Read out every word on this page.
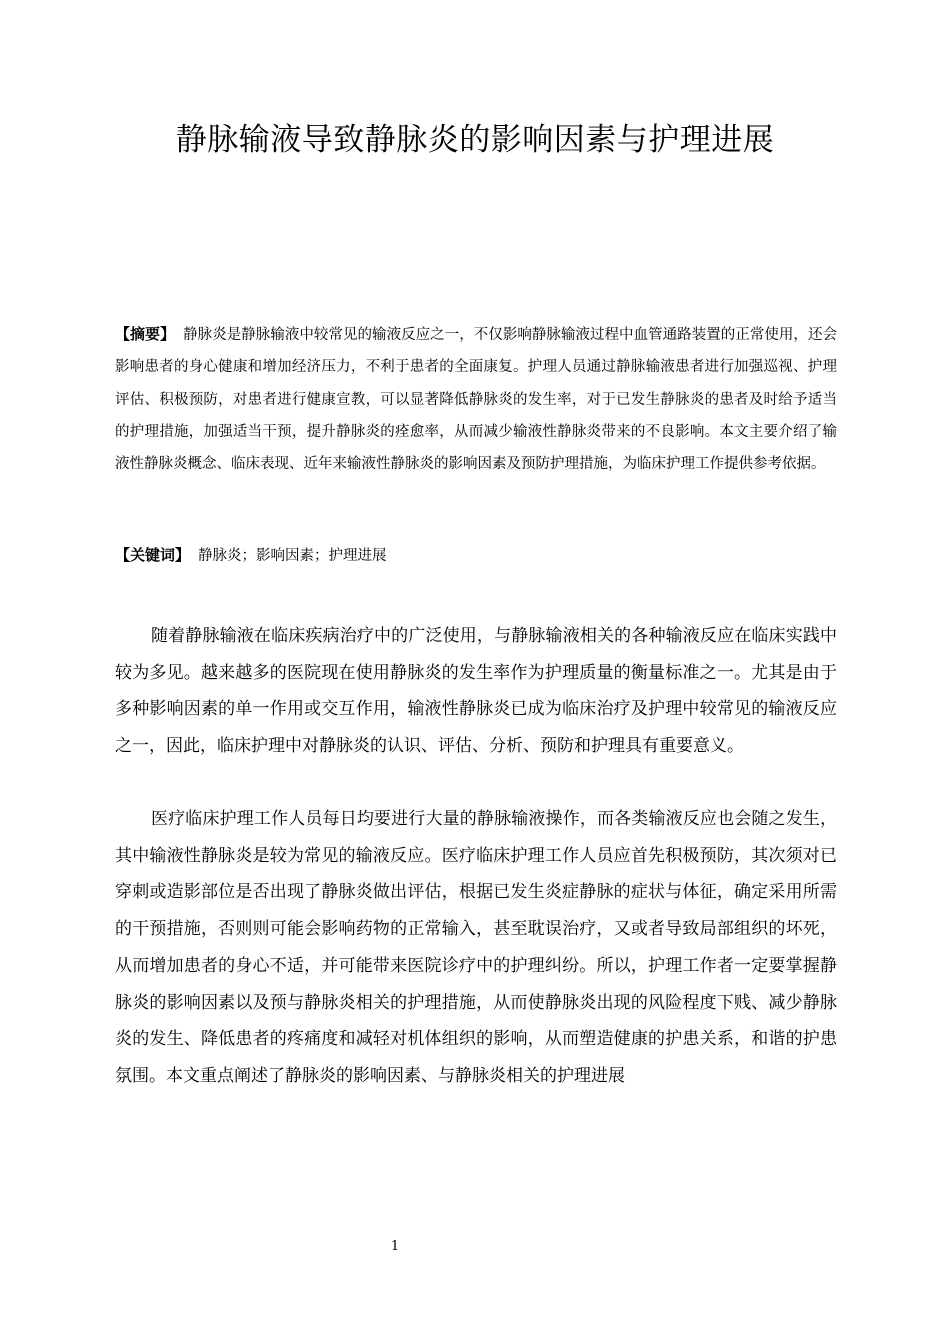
静脉输液导致静脉炎的影响因素与护理进展

【摘要】 静脉炎是静脉输液中较常见的输液反应之一，不仅影响静脉输液过程中血管通路装置的正常使用，还会影响患者的身心健康和增加经济压力，不利于患者的全面康复。护理人员通过静脉输液患者进行加强巡视、护理评估、积极预防，对患者进行健康宣教，可以显著降低静脉炎的发生率，对于已发生静脉炎的患者及时给予适当的护理措施，加强适当干预，提升静脉炎的痊愈率，从而减少输液性静脉炎带来的不良影响。本文主要介绍了输液性静脉炎概念、临床表现、近年来输液性静脉炎的影响因素及预防护理措施，为临床护理工作提供参考依据。

【关键词】 静脉炎；影响因素；护理进展

随着静脉输液在临床疾病治疗中的广泛使用，与静脉输液相关的各种输液反应在临床实践中较为多见。越来越多的医院现在使用静脉炎的发生率作为护理质量的衡量标准之一。尤其是由于多种影响因素的单一作用或交互作用，输液性静脉炎已成为临床治疗及护理中较常见的输液反应之一，因此，临床护理中对静脉炎的认识、评估、分析、预防和护理具有重要意义。

医疗临床护理工作人员每日均要进行大量的静脉输液操作，而各类输液反应也会随之发生，其中输液性静脉炎是较为常见的输液反应。医疗临床护理工作人员应首先积极预防，其次须对已穿刺或造影部位是否出现了静脉炎做出评估，根据已发生炎症静脉的症状与体征，确定采用所需的干预措施，否则则可能会影响药物的正常输入，甚至耽误治疗，又或者导致局部组织的坏死，从而增加患者的身心不适，并可能带来医院诊疗中的护理纠纷。所以，护理工作者一定要掌握静脉炎的影响因素以及预与静脉炎相关的护理措施，从而使静脉炎出现的风险程度下贱、减少静脉炎的发生、降低患者的疼痛度和减轻对机体组织的影响，从而塑造健康的护患关系，和谐的护患氛围。本文重点阐述了静脉炎的影响因素、与静脉炎相关的护理进展

1
